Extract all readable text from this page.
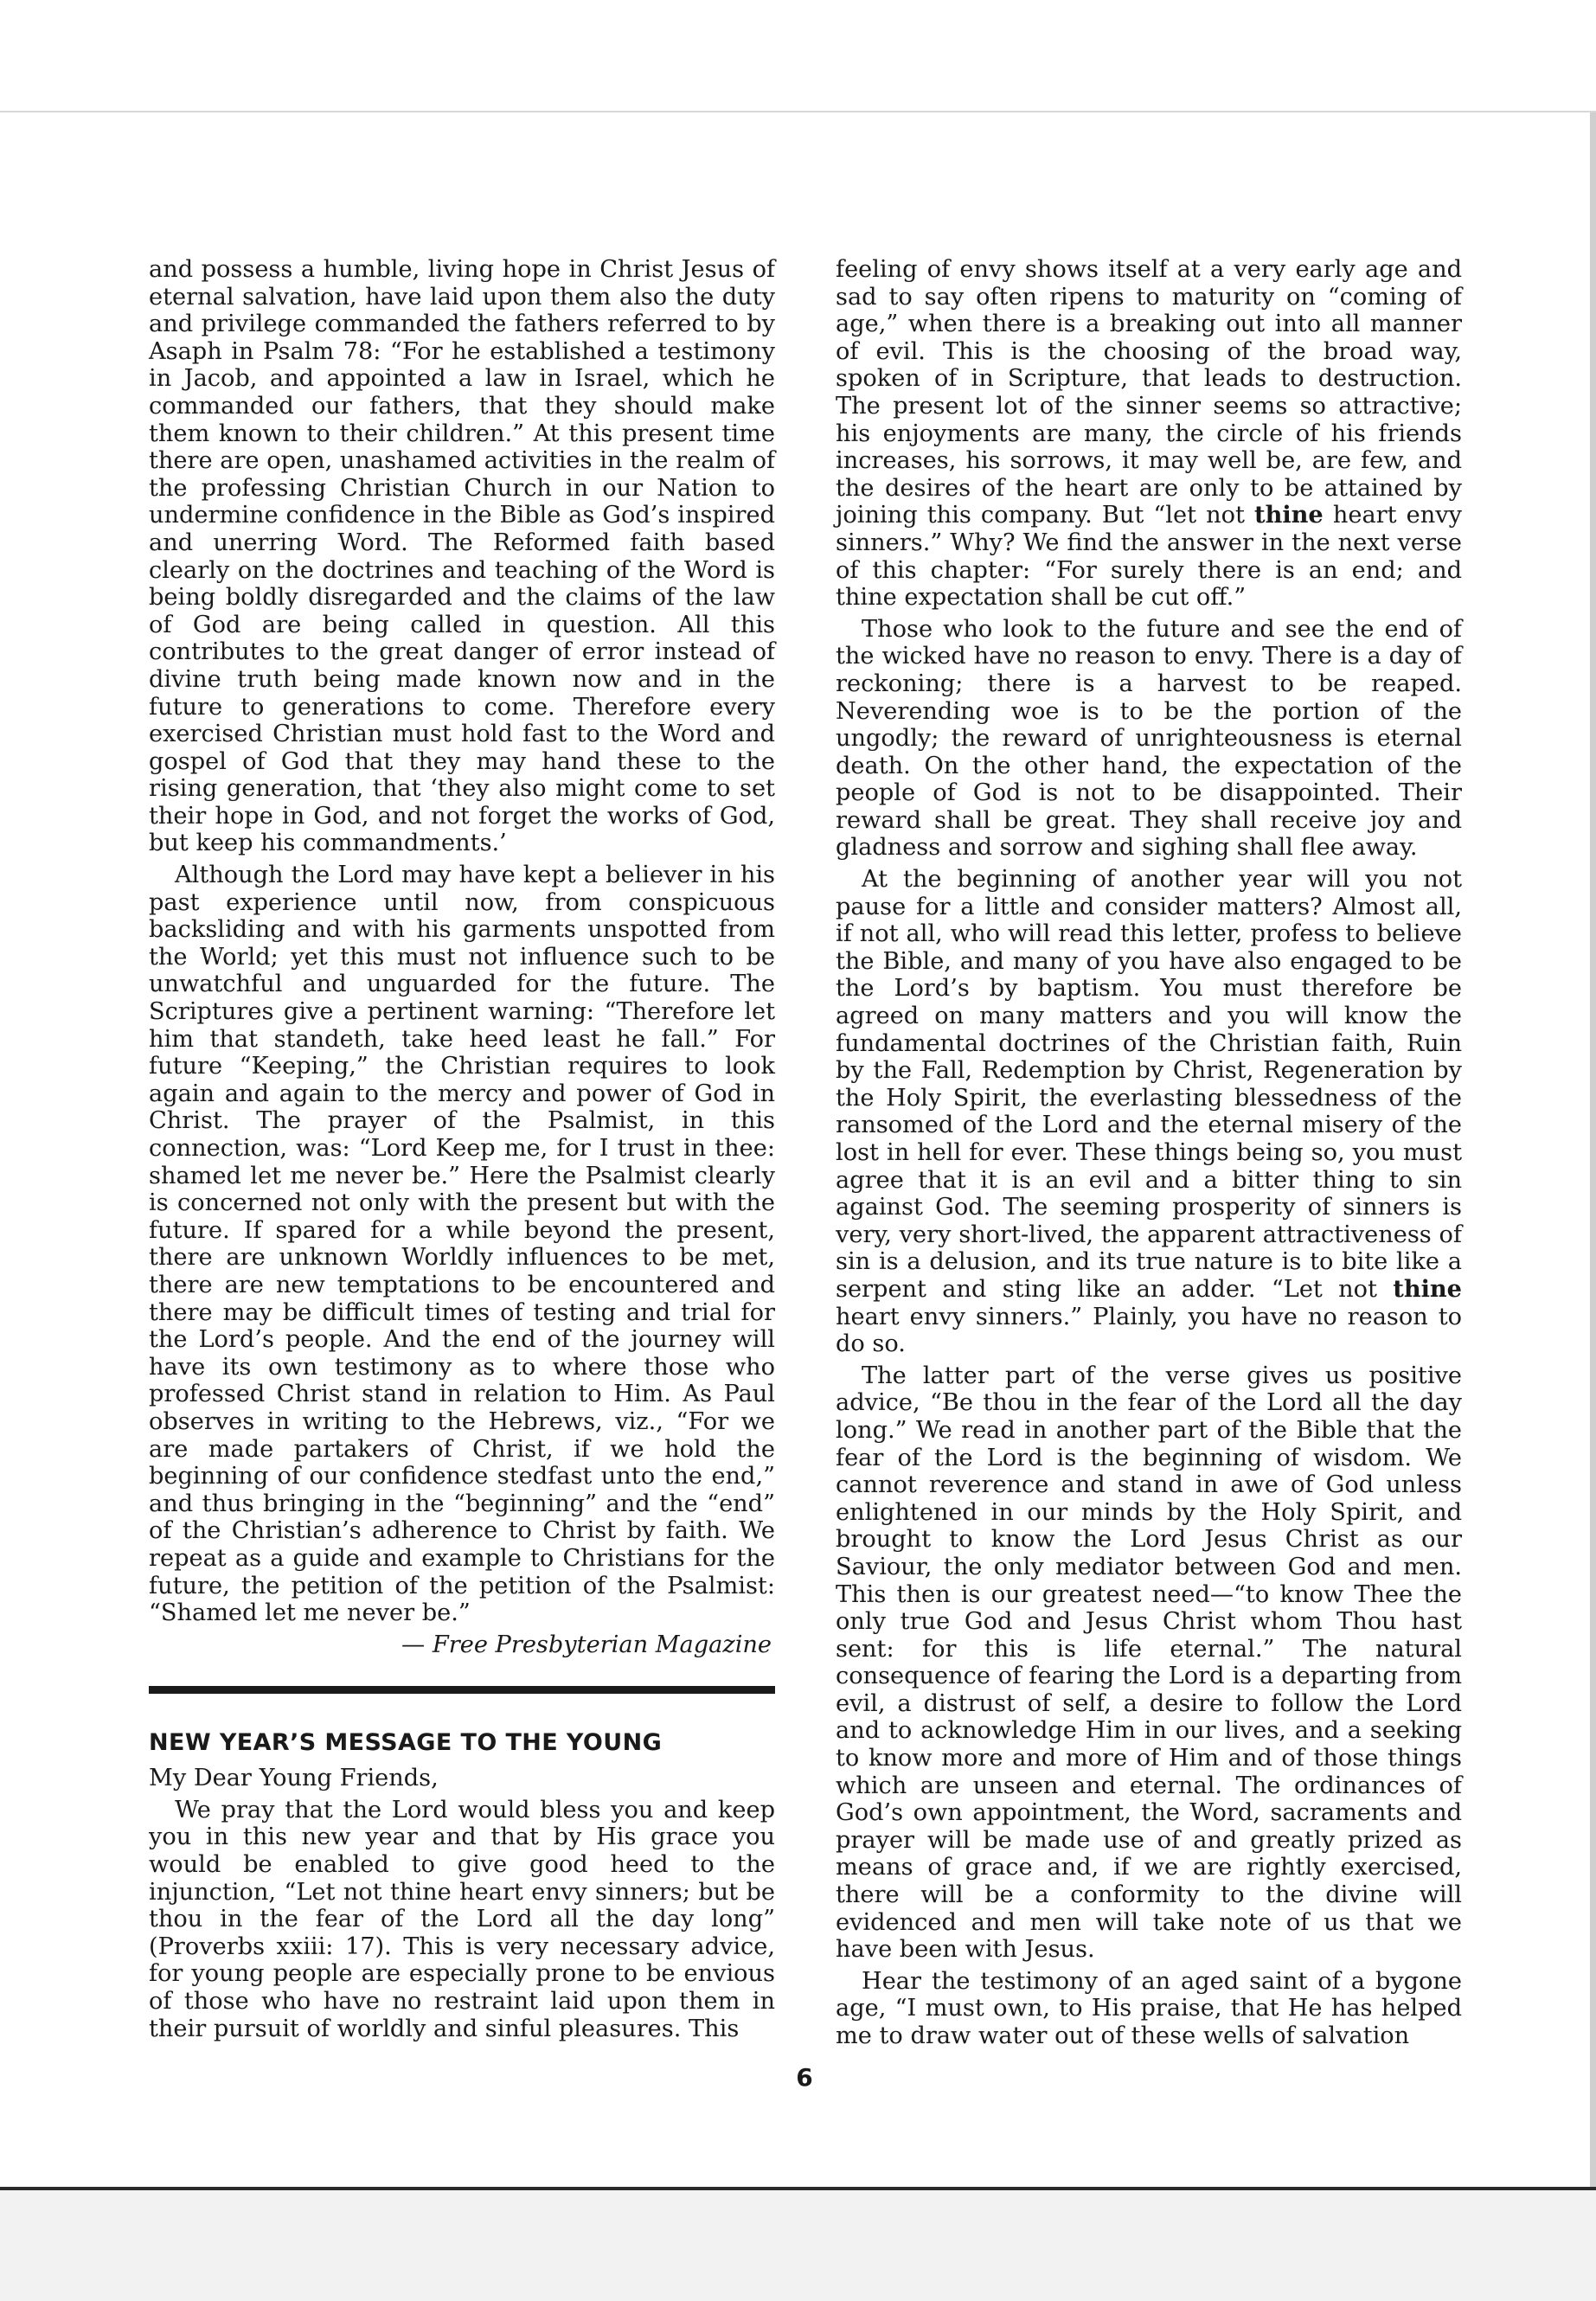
and possess a humble, living hope in Christ Jesus of eternal salvation, have laid upon them also the duty and privilege commanded the fathers referred to by Asaph in Psalm 78: “For he established a testimony in Jacob, and appointed a law in Israel, which he commanded our fathers, that they should make them known to their children.” At this present time there are open, unashamed activities in the realm of the professing Christian Church in our Nation to undermine confidence in the Bible as God’s inspired and unerring Word. The Reformed faith based clearly on the doctrines and teaching of the Word is being boldly disregarded and the claims of the law of God are being called in question. All this contributes to the great danger of error instead of divine truth being made known now and in the future to generations to come. Therefore every exercised Christian must hold fast to the Word and gospel of God that they may hand these to the rising generation, that ‘they also might come to set their hope in God, and not forget the works of God, but keep his commandments.’

Although the Lord may have kept a believer in his past experience until now, from conspicuous backsliding and with his garments unspotted from the World; yet this must not influence such to be unwatchful and unguarded for the future. The Scriptures give a pertinent warning: “Therefore let him that standeth, take heed least he fall.” For future “Keeping,” the Christian requires to look again and again to the mercy and power of God in Christ. The prayer of the Psalmist, in this connection, was: “Lord Keep me, for I trust in thee: shamed let me never be.” Here the Psalmist clearly is concerned not only with the present but with the future. If spared for a while beyond the present, there are unknown Worldly influences to be met, there are new temptations to be encountered and there may be difficult times of testing and trial for the Lord’s people. And the end of the journey will have its own testimony as to where those who professed Christ stand in relation to Him. As Paul observes in writing to the Hebrews, viz., “For we are made partakers of Christ, if we hold the beginning of our confidence stedfast unto the end,” and thus bringing in the “beginning” and the “end” of the Christian’s adherence to Christ by faith. We repeat as a guide and example to Christians for the future, the petition of the petition of the Psalmist: “Shamed let me never be.”

— Free Presbyterian Magazine

NEW YEAR’S MESSAGE TO THE YOUNG

My Dear Young Friends,

We pray that the Lord would bless you and keep you in this new year and that by His grace you would be enabled to give good heed to the injunction, “Let not thine heart envy sinners; but be thou in the fear of the Lord all the day long” (Proverbs xxiii: 17). This is very necessary advice, for young people are especially prone to be envious of those who have no restraint laid upon them in their pursuit of worldly and sinful pleasures. This

feeling of envy shows itself at a very early age and sad to say often ripens to maturity on “coming of age,” when there is a breaking out into all manner of evil. This is the choosing of the broad way, spoken of in Scripture, that leads to destruction. The present lot of the sinner seems so attractive; his enjoyments are many, the circle of his friends increases, his sorrows, it may well be, are few, and the desires of the heart are only to be attained by joining this company. But “let not thine heart envy sinners.” Why? We find the answer in the next verse of this chapter: “For surely there is an end; and thine expectation shall be cut off.”

Those who look to the future and see the end of the wicked have no reason to envy. There is a day of reckoning; there is a harvest to be reaped. Neverending woe is to be the portion of the ungodly; the reward of unrighteousness is eternal death. On the other hand, the expectation of the people of God is not to be disappointed. Their reward shall be great. They shall receive joy and gladness and sorrow and sighing shall flee away.

At the beginning of another year will you not pause for a little and consider matters? Almost all, if not all, who will read this letter, profess to believe the Bible, and many of you have also engaged to be the Lord’s by baptism. You must therefore be agreed on many matters and you will know the fundamental doctrines of the Christian faith, Ruin by the Fall, Redemption by Christ, Regeneration by the Holy Spirit, the everlasting blessedness of the ransomed of the Lord and the eternal misery of the lost in hell for ever. These things being so, you must agree that it is an evil and a bitter thing to sin against God. The seeming prosperity of sinners is very, very short-lived, the apparent attractiveness of sin is a delusion, and its true nature is to bite like a serpent and sting like an adder. “Let not thine heart envy sinners.” Plainly, you have no reason to do so.

The latter part of the verse gives us positive advice, “Be thou in the fear of the Lord all the day long.” We read in another part of the Bible that the fear of the Lord is the beginning of wisdom. We cannot reverence and stand in awe of God unless enlightened in our minds by the Holy Spirit, and brought to know the Lord Jesus Christ as our Saviour, the only mediator between God and men. This then is our greatest need—“to know Thee the only true God and Jesus Christ whom Thou hast sent: for this is life eternal.” The natural consequence of fearing the Lord is a departing from evil, a distrust of self, a desire to follow the Lord and to acknowledge Him in our lives, and a seeking to know more and more of Him and of those things which are unseen and eternal. The ordinances of God’s own appointment, the Word, sacraments and prayer will be made use of and greatly prized as means of grace and, if we are rightly exercised, there will be a conformity to the divine will evidenced and men will take note of us that we have been with Jesus.

Hear the testimony of an aged saint of a bygone age, “I must own, to His praise, that He has helped me to draw water out of these wells of salvation

6
